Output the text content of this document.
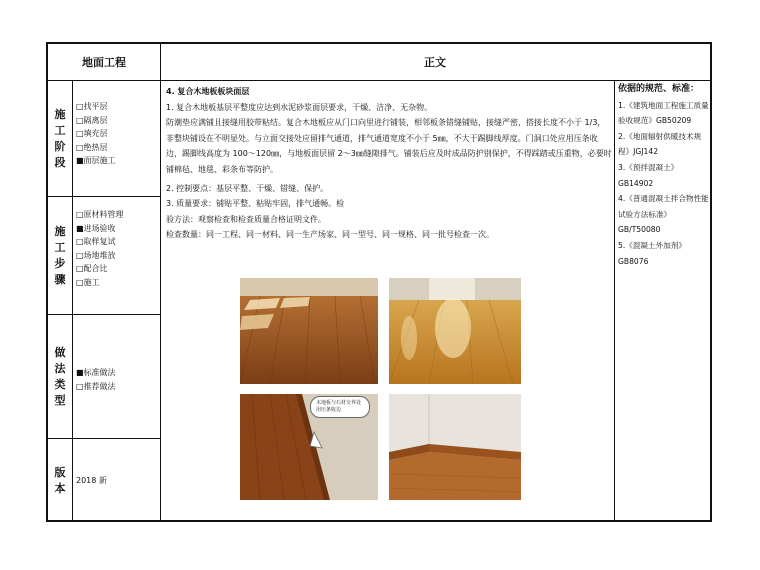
地面工程	正文
施
工
阶
段
□找平层
□隔离层
□填充层
□绝热层
■面层施工
施
工
步
骤
□原材料管理
■进场验收
□取样复试
□场地堆放
□配合比
□施工
做
法
类
型
■标准做法
□推荐做法
版
本
2018 新

4. 复合木地板板块面层

1. 复合木地板基层平整度应达到水泥砂浆面层要求，干燥、洁净、无杂物。

防潮垫应满铺且接缝用胶带粘结。复合木地板应从门口向里进行铺装，相邻板条错缝铺贴，接缝严密，搭接长度不小于 1/3，非整块铺设在不明显处。与立面交接处应留排气通道，排气通道宽度不小于 5㎜，不大于踢脚线厚度。门洞口处应用压条收边，踢脚线高度为 100～120㎜，与地板面层留 2～3㎜缝隙排气。铺装后应及时成品防护别保护，不得踩踏或压重物，必要时铺棉毡、地毯、彩条布等防护。

2. 控制要点：基层平整、干燥、错缝、保护。

3. 质量要求：铺贴平整、粘贴牢固，排气通畅。检

验方法：观察检查和检查质量合格证明文件。

检查数量：同一工程、同一材料、同一生产场家、同一型号、同一规格、同一批号检查一次。

木地板与石材交界处用压条收边
依据的规范、标准：
1.《建筑地面工程施工质量验收规范》GB50209
2.《地面辐射供暖技术规程》JGJ142
3.《预拌混凝土》GB14902
4.《普通混凝土拌合物性能试验方法标准》GB/T50080
5.《混凝土外加剂》GB8076
